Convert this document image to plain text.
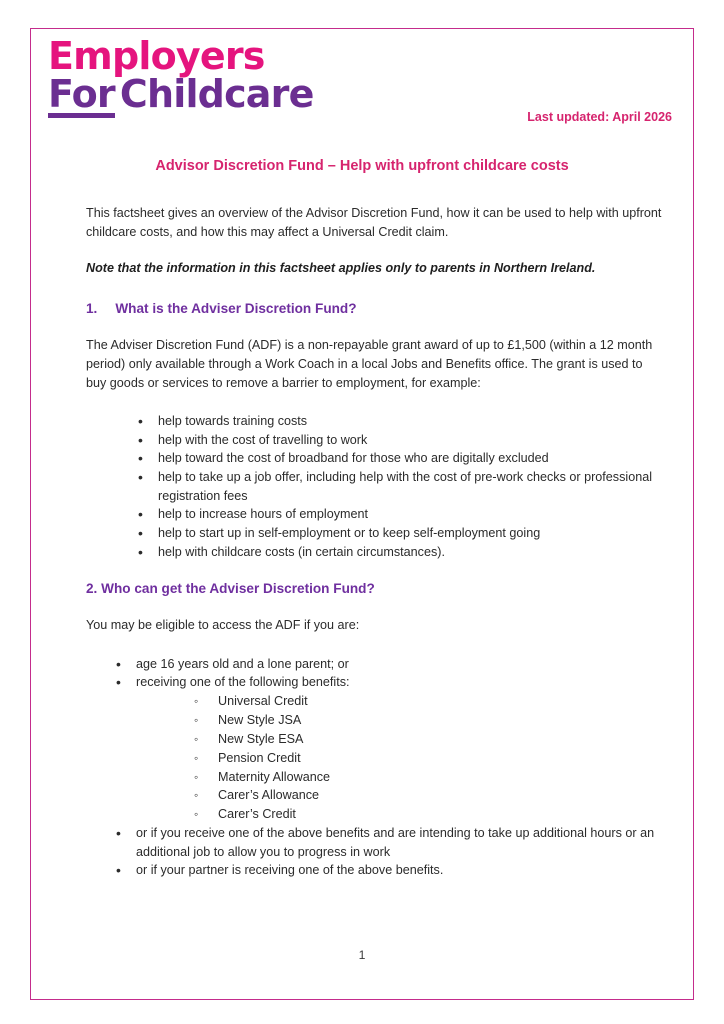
Employers
For Childcare
Last updated: April 2026
Advisor Discretion Fund – Help with upfront childcare costs

This factsheet gives an overview of the Advisor Discretion Fund, how it can be used to help with upfront childcare costs, and how this may affect a Universal Credit claim.

Note that the information in this factsheet applies only to parents in Northern Ireland.

1. What is the Adviser Discretion Fund?

The Adviser Discretion Fund (ADF) is a non-repayable grant award of up to £1,500 (within a 12 month period) only available through a Work Coach in a local Jobs and Benefits office. The grant is used to buy goods or services to remove a barrier to employment, for example:

• help towards training costs
• help with the cost of travelling to work
• help toward the cost of broadband for those who are digitally excluded
• help to take up a job offer, including help with the cost of pre-work checks or professional registration fees
• help to increase hours of employment
• help to start up in self-employment or to keep self-employment going
• help with childcare costs (in certain circumstances).
2. Who can get the Adviser Discretion Fund?

You may be eligible to access the ADF if you are:

• age 16 years old and a lone parent; or
• receiving one of the following benefits:
◦ Universal Credit
◦ New Style JSA
◦ New Style ESA
◦ Pension Credit
◦ Maternity Allowance
◦ Carer’s Allowance
◦ Carer’s Credit
• or if you receive one of the above benefits and are intending to take up additional hours or an additional job to allow you to progress in work
• or if your partner is receiving one of the above benefits.
1
